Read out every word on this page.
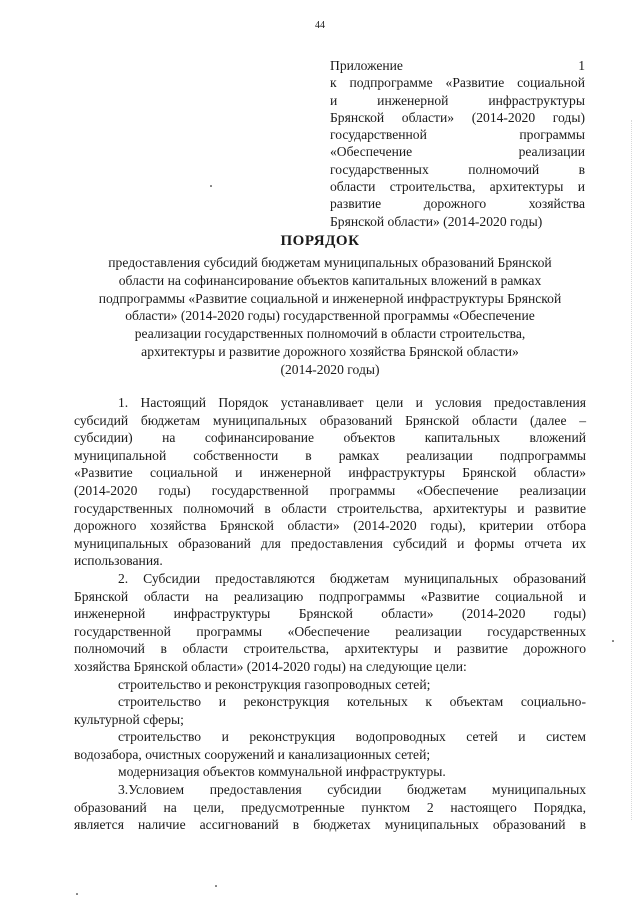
44
Приложение 1
к подпрограмме «Развитие социальной
и инженерной инфраструктуры
Брянской области» (2014-2020 годы)
государственной программы
«Обеспечение реализации
государственных полномочий в
области строительства, архитектуры и
развитие дорожного хозяйства
Брянской области» (2014-2020 годы)
ПОРЯДОК
предоставления субсидий бюджетам муниципальных образований Брянской
области на софинансирование объектов капитальных вложений в рамках
подпрограммы «Развитие социальной и инженерной инфраструктуры Брянской
области» (2014-2020 годы) государственной программы «Обеспечение
реализации государственных полномочий в области строительства,
архитектуры и развитие дорожного хозяйства Брянской области»
(2014-2020 годы)
1. Настоящий Порядок устанавливает цели и условия предоставления
субсидий бюджетам муниципальных образований Брянской области (далее –
субсидии) на софинансирование объектов капитальных вложений
муниципальной собственности в рамках реализации подпрограммы
«Развитие социальной и инженерной инфраструктуры Брянской области»
(2014-2020 годы) государственной программы «Обеспечение реализации
государственных полномочий в области строительства, архитектуры и развитие
дорожного хозяйства Брянской области» (2014-2020 годы), критерии отбора
муниципальных образований для предоставления субсидий и формы отчета их
использования.
2. Субсидии предоставляются бюджетам муниципальных образований
Брянской области на реализацию подпрограммы «Развитие социальной и
инженерной инфраструктуры Брянской области» (2014-2020 годы)
государственной программы «Обеспечение реализации государственных
полномочий в области строительства, архитектуры и развитие дорожного
хозяйства Брянской области» (2014-2020 годы) на следующие цели:
строительство и реконструкция газопроводных сетей;
строительство и реконструкция котельных к объектам социально-
культурной сферы;
строительство и реконструкция водопроводных сетей и систем
водозабора, очистных сооружений и канализационных сетей;
модернизация объектов коммунальной инфраструктуры.
3.Условием предоставления субсидии бюджетам муниципальных
образований на цели, предусмотренные пунктом 2 настоящего Порядка,
является наличие ассигнований в бюджетах муниципальных образований в
